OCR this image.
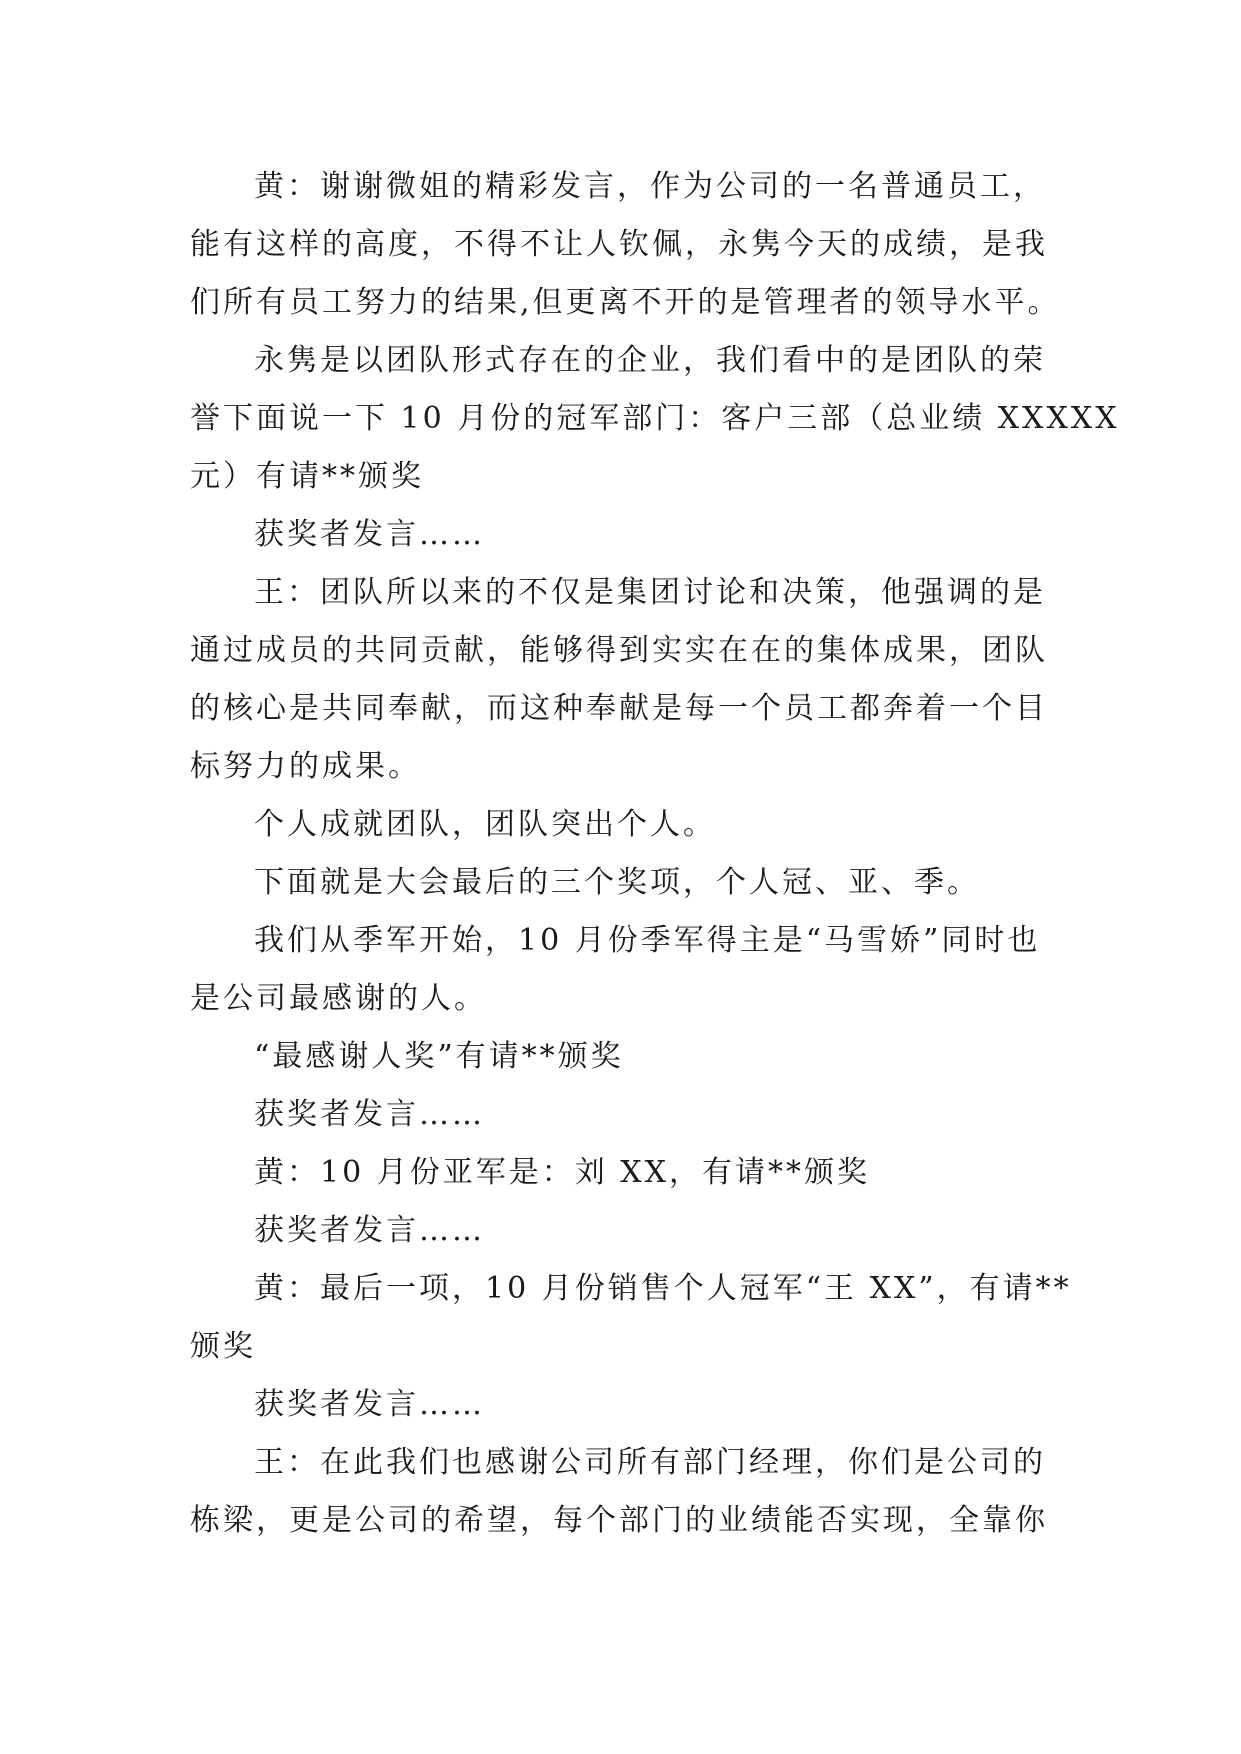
黄：谢谢微姐的精彩发言，作为公司的一名普通员工，
能有这样的高度，不得不让人钦佩，永隽今天的成绩，是我
们所有员工努力的结果,但更离不开的是管理者的领导水平。
永隽是以团队形式存在的企业，我们看中的是团队的荣
誉下面说一下 10 月份的冠军部门：客户三部（总业绩 XXXXX
元）有请**颁奖
获奖者发言……
王：团队所以来的不仅是集团讨论和决策，他强调的是
通过成员的共同贡献，能够得到实实在在的集体成果，团队
的核心是共同奉献，而这种奉献是每一个员工都奔着一个目
标努力的成果。
个人成就团队，团队突出个人。
下面就是大会最后的三个奖项，个人冠、亚、季。
我们从季军开始，10 月份季军得主是“马雪娇”同时也
是公司最感谢的人。
“最感谢人奖”有请**颁奖
获奖者发言……
黄：10 月份亚军是：刘 XX，有请**颁奖
获奖者发言……
黄：最后一项，10 月份销售个人冠军“王 XX”，有请**
颁奖
获奖者发言……
王：在此我们也感谢公司所有部门经理，你们是公司的
栋梁，更是公司的希望，每个部门的业绩能否实现，全靠你
